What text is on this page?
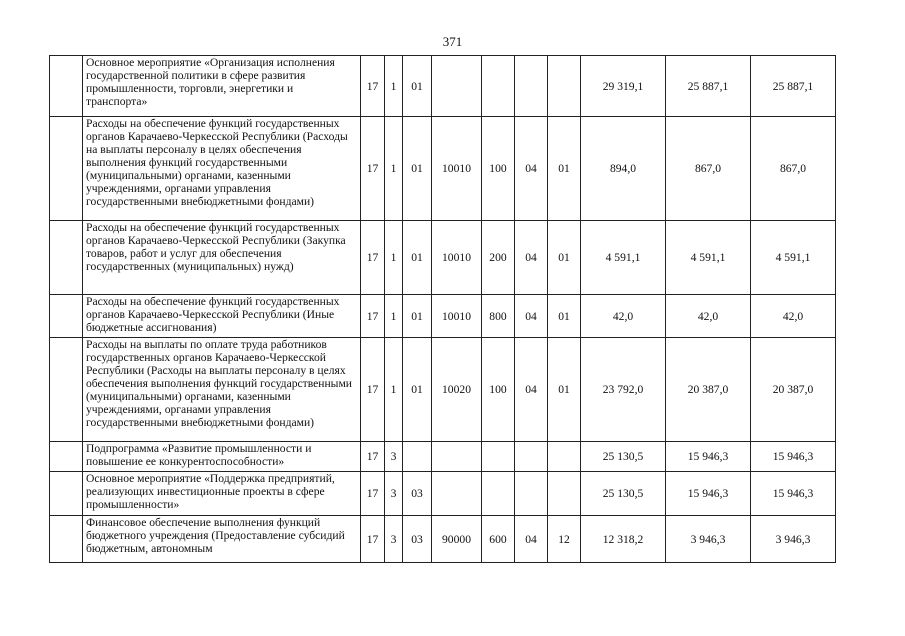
371
	Основное мероприятие «Организация исполнения государственной политики в сфере развития промышленности, торговли, энергетики и транспорта»	17	1	01					29 319,1	25 887,1	25 887,1
	Расходы на обеспечение функций государственных органов Карачаево-Черкесской Республики (Расходы на выплаты персоналу в целях обеспечения выполнения функций государственными (муниципальными) органами, казенными учреждениями, органами управления государственными внебюджетными фондами)	17	1	01	10010	100	04	01	894,0	867,0	867,0
	Расходы на обеспечение функций государственных органов Карачаево-Черкесской Республики (Закупка товаров, работ и услуг для обеспечения государственных (муниципальных) нужд)	17	1	01	10010	200	04	01	4 591,1	4 591,1	4 591,1
	Расходы на обеспечение функций государственных органов Карачаево-Черкесской Республики (Иные бюджетные ассигнования)	17	1	01	10010	800	04	01	42,0	42,0	42,0
	Расходы на выплаты по оплате труда работников государственных органов Карачаево-Черкесской Республики (Расходы на выплаты персоналу в целях обеспечения выполнения функций государственными (муниципальными) органами, казенными учреждениями, органами управления государственными внебюджетными фондами)	17	1	01	10020	100	04	01	23 792,0	20 387,0	20 387,0
	Подпрограмма «Развитие промышленности и повышение ее конкурентоспособности»	17	3						25 130,5	15 946,3	15 946,3
	Основное мероприятие «Поддержка предприятий, реализующих инвестиционные проекты в сфере промышленности»	17	3	03					25 130,5	15 946,3	15 946,3
	Финансовое обеспечение выполнения функций бюджетного учреждения (Предоставление субсидий бюджетным, автономным	17	3	03	90000	600	04	12	12 318,2	3 946,3	3 946,3
